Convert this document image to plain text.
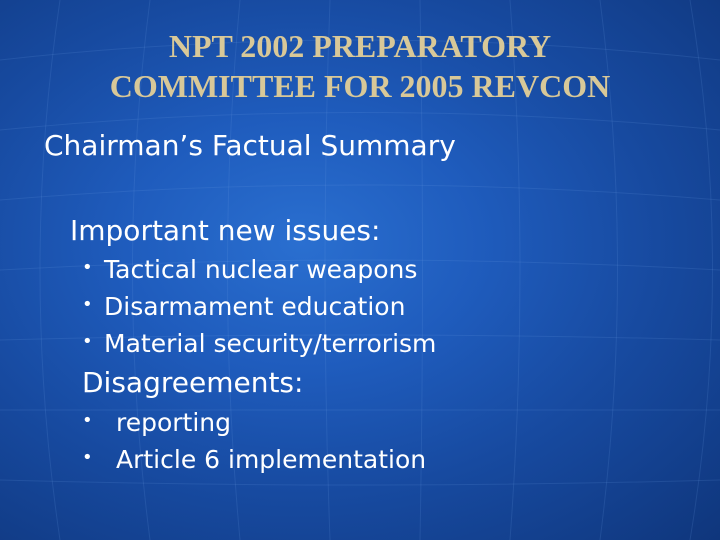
NPT 2002 PREPARATORY
COMMITTEE FOR 2005 REVCON
Chairman’s Factual Summary
Important new issues:
• Tactical nuclear weapons
• Disarmament education
• Material security/terrorism
Disagreements:
• reporting
• Article 6 implementation
